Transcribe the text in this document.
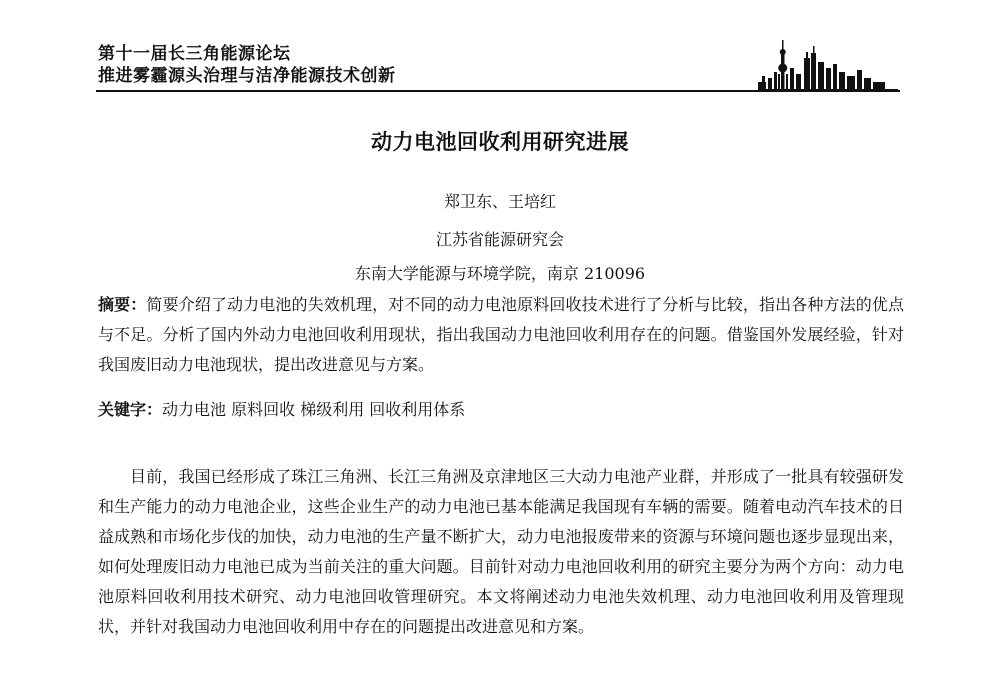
第十一届长三角能源论坛
推进雾霾源头治理与洁净能源技术创新
动力电池回收利用研究进展
郑卫东、王培红
江苏省能源研究会
东南大学能源与环境学院，南京 210096
摘要：简要介绍了动力电池的失效机理，对不同的动力电池原料回收技术进行了分析与比较，指出各种方法的优点与不足。分析了国内外动力电池回收利用现状，指出我国动力电池回收利用存在的问题。借鉴国外发展经验，针对我国废旧动力电池现状，提出改进意见与方案。
关键字：动力电池 原料回收 梯级利用 回收利用体系
目前，我国已经形成了珠江三角洲、长江三角洲及京津地区三大动力电池产业群，并形成了一批具有较强研发和生产能力的动力电池企业，这些企业生产的动力电池已基本能满足我国现有车辆的需要。随着电动汽车技术的日益成熟和市场化步伐的加快，动力电池的生产量不断扩大，动力电池报废带来的资源与环境问题也逐步显现出来，如何处理废旧动力电池已成为当前关注的重大问题。目前针对动力电池回收利用的研究主要分为两个方向：动力电池原料回收利用技术研究、动力电池回收管理研究。本文将阐述动力电池失效机理、动力电池回收利用及管理现状，并针对我国动力电池回收利用中存在的问题提出改进意见和方案。
